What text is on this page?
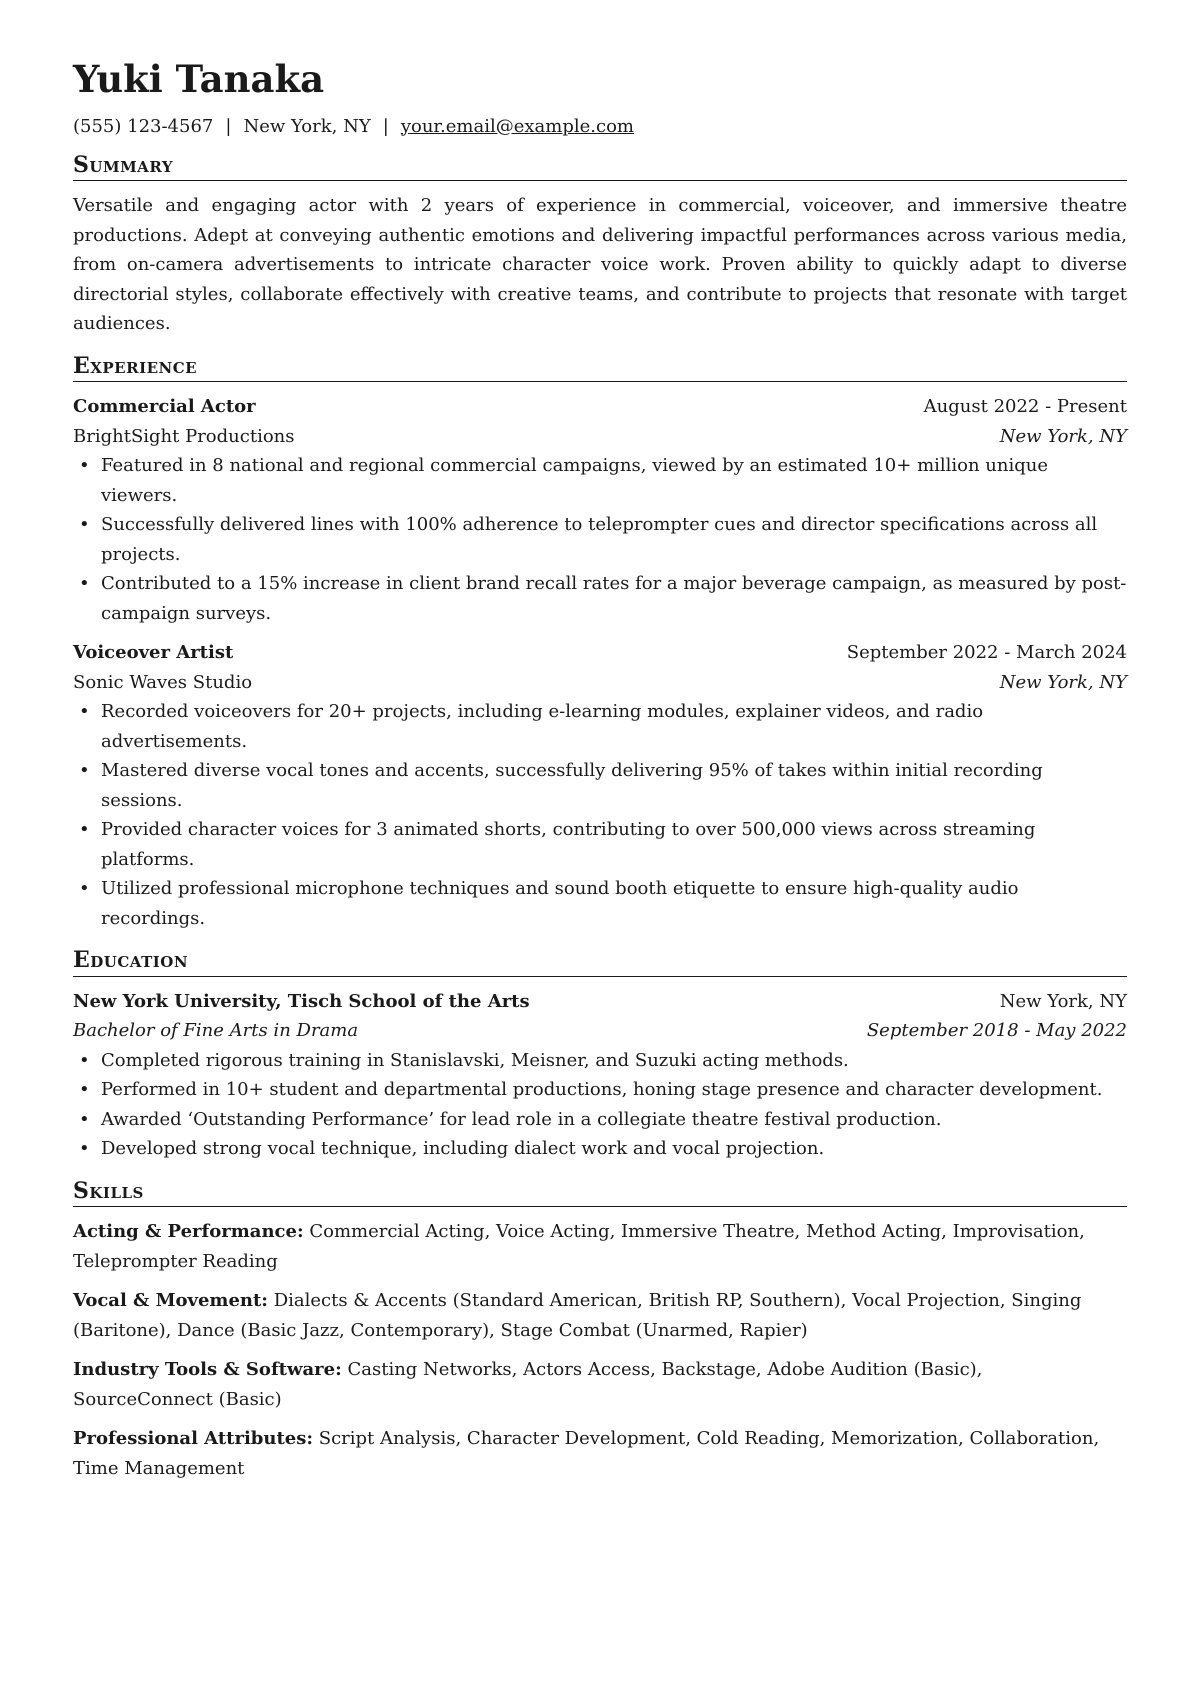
Yuki Tanaka
(555) 123-4567 | New York, NY | your.email@example.com
Summary

Versatile and engaging actor with 2 years of experience in commercial, voiceover, and immersive theatre productions. Adept at conveying authentic emotions and delivering impactful performances across various media, from on-camera advertisements to intricate character voice work. Proven ability to quickly adapt to diverse directorial styles, collaborate effectively with creative teams, and contribute to projects that resonate with target audiences.

Experience
Commercial Actor	August 2022 - Present
BrightSight Productions	New York, NY
• Featured in 8 national and regional commercial campaigns, viewed by an estimated 10+ million unique viewers.
• Successfully delivered lines with 100% adherence to teleprompter cues and director specifications across all projects.
• Contributed to a 15% increase in client brand recall rates for a major beverage campaign, as measured by post-campaign surveys.
Voiceover Artist	September 2022 - March 2024
Sonic Waves Studio	New York, NY
• Recorded voiceovers for 20+ projects, including e-learning modules, explainer videos, and radio advertisements.
• Mastered diverse vocal tones and accents, successfully delivering 95% of takes within initial recording sessions.
• Provided character voices for 3 animated shorts, contributing to over 500,000 views across streaming platforms.
• Utilized professional microphone techniques and sound booth etiquette to ensure high-quality audio recordings.
Education
New York University, Tisch School of the Arts	New York, NY
Bachelor of Fine Arts in Drama	September 2018 - May 2022
• Completed rigorous training in Stanislavski, Meisner, and Suzuki acting methods.
• Performed in 10+ student and departmental productions, honing stage presence and character development.
• Awarded ‘Outstanding Performance’ for lead role in a collegiate theatre festival production.
• Developed strong vocal technique, including dialect work and vocal projection.
Skills

Acting & Performance: Commercial Acting, Voice Acting, Immersive Theatre, Method Acting, Improvisation, Teleprompter Reading

Vocal & Movement: Dialects & Accents (Standard American, British RP, Southern), Vocal Projection, Singing (Baritone), Dance (Basic Jazz, Contemporary), Stage Combat (Unarmed, Rapier)

Industry Tools & Software: Casting Networks, Actors Access, Backstage, Adobe Audition (Basic), SourceConnect (Basic)

Professional Attributes: Script Analysis, Character Development, Cold Reading, Memorization, Collaboration, Time Management
